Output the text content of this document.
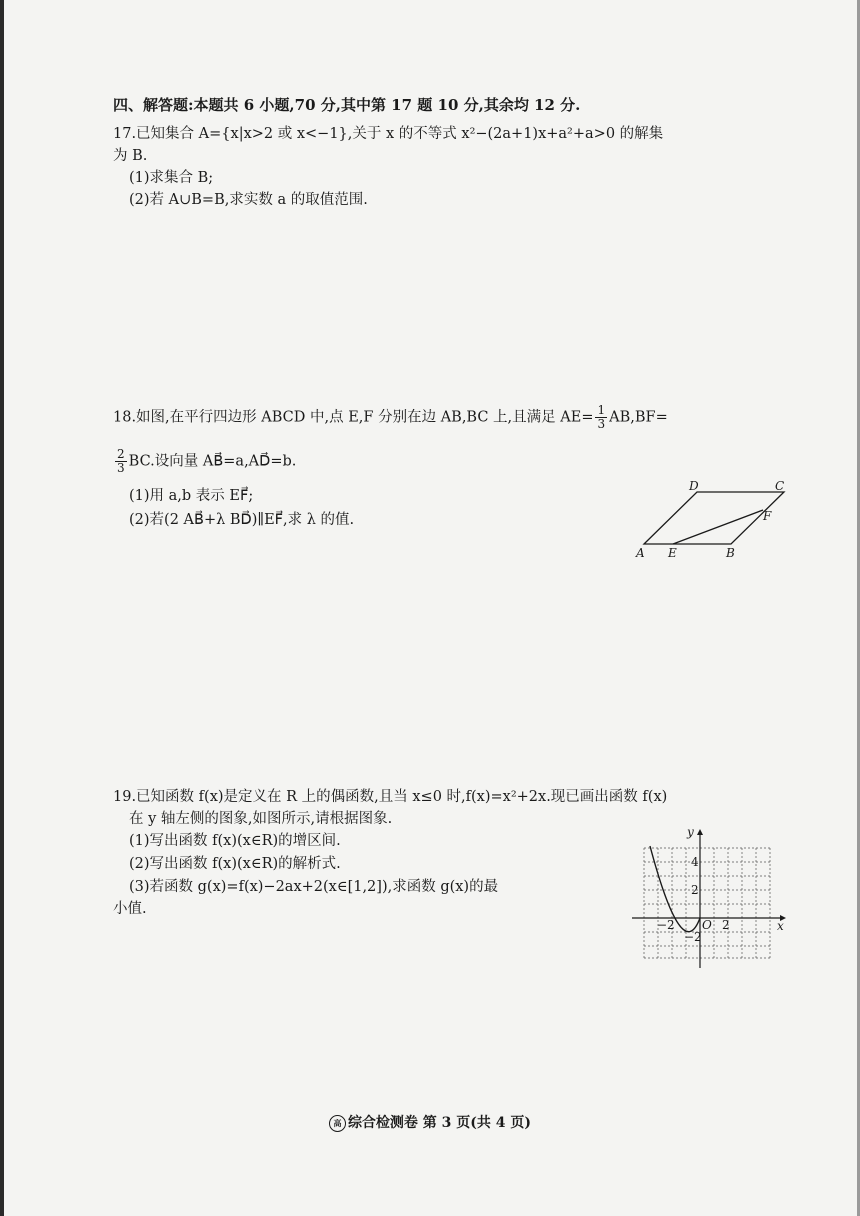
四、解答题:本题共 6 小题,70 分,其中第 17 题 10 分,其余均 12 分.
17.已知集合 A={x|x>2 或 x<−1},关于 x 的不等式 x²−(2a+1)x+a²+a>0 的解集
为 B.
(1)求集合 B;
(2)若 A∪B=B,求实数 a 的取值范围.
18.如图,在平行四边形 ABCD 中,点 E,F 分别在边 AB,BC 上,且满足 $AE= \frac{1}{3} AB,BF=$
$\frac{2}{3}$ BC.设向量 AB⃗=a,AD⃗=b.
(1)用 a,b 表示 EF⃗;
(2)若(2 AB⃗+λ BD⃗)∥EF⃗,求 λ 的值.
A E	B
C
D
F
19.已知函数 f(x)是定义在 R 上的偶函数,且当 x≤0 时,f(x)=x²+2x.现已画出函数 f(x)
在 y 轴左侧的图象,如图所示,请根据图象.
(1)写出函数 f(x)(x∈R)的增区间.
(2)写出函数 f(x)(x∈R)的解析式.
(3)若函数 g(x)=f(x)−2ax+2(x∈[1,2]),求函数 g(x)的最
小值.
y
x
O
4
2
−2
−2	2
高 综合检测卷 第 3 页(共 4 页)
